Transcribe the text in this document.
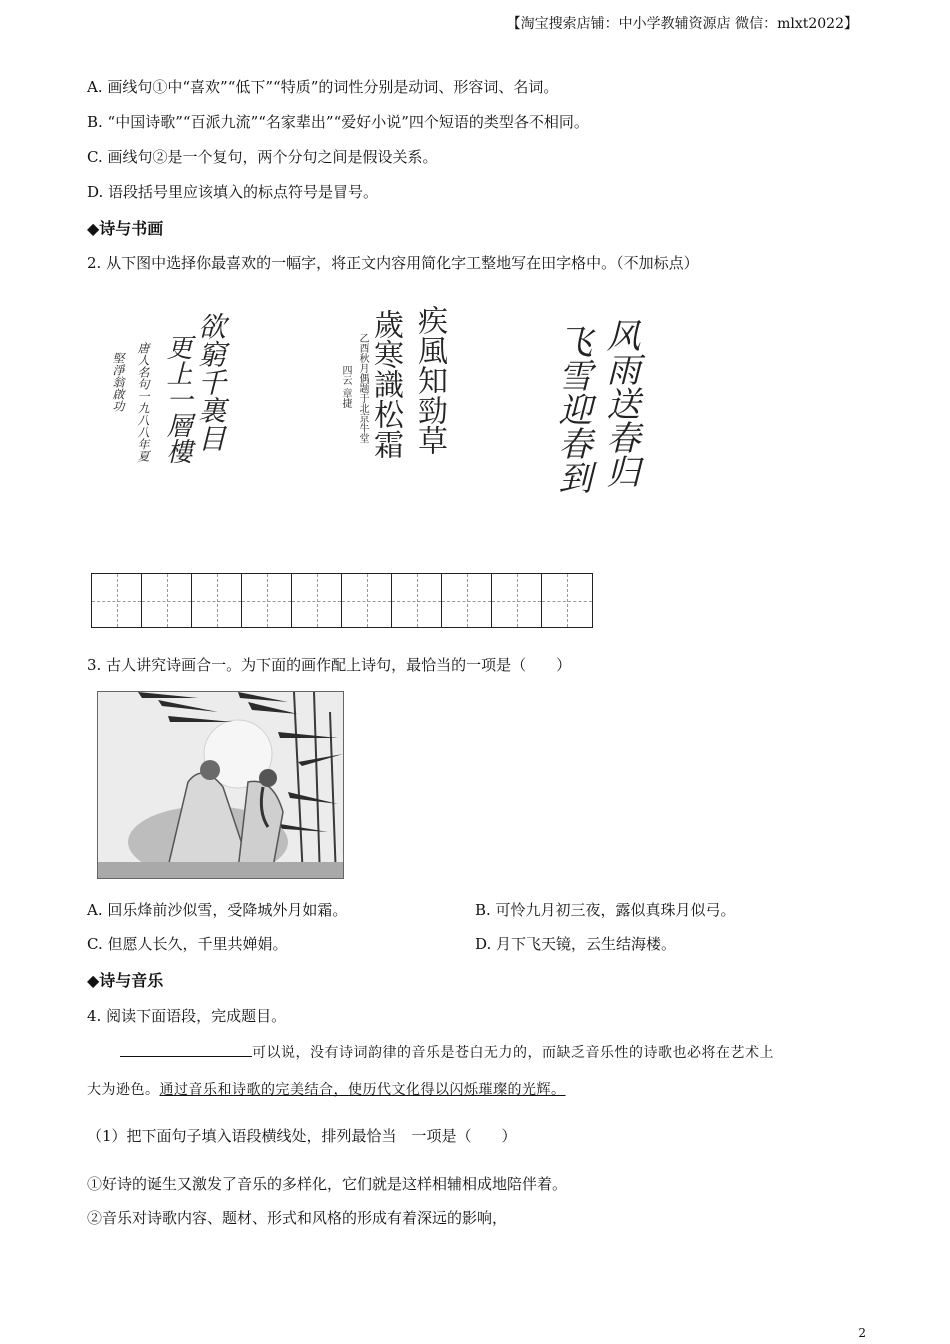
【淘宝搜索店铺：中小学教辅资源店 微信：mlxt2022】
A. 画线句①中“喜欢”“低下”“特质”的词性分别是动词、形容词、名词。
B. “中国诗歌”“百派九流”“名家辈出”“爱好小说”四个短语的类型各不相同。
C. 画线句②是一个复句，两个分句之间是假设关系。
D. 语段括号里应该填入的标点符号是冒号。
◆诗与书画
2. 从下图中选择你最喜欢的一幅字，将正文内容用简化字工整地写在田字格中。（不加标点）
欲窮千裏目
更上一層樓
唐人名句一九八八年夏
堅淨翁啟功	疾風知勁草
歲寒識松霜
乙酉秋月偶题于北京牛堂
四云 章捷	风雨送春归
飞雪迎春到
3. 古人讲究诗画合一。为下面的画作配上诗句，最恰当的一项是（　　）
A. 回乐烽前沙似雪，受降城外月如霜。	B. 可怜九月初三夜，露似真珠月似弓。
C. 但愿人长久，千里共婵娟。	D. 月下飞天镜，云生结海楼。
◆诗与音乐
4. 阅读下面语段，完成题目。
可以说，没有诗词韵律的音乐是苍白无力的，而缺乏音乐性的诗歌也必将在艺术上
大为逊色。通过音乐和诗歌的完美结合，使历代文化得以闪烁璀璨的光辉。
（1）把下面句子填入语段横线处，排列最恰当　一项是（　　）
①好诗的诞生又激发了音乐的多样化，它们就是这样相辅相成地陪伴着。
②音乐对诗歌内容、题材、形式和风格的形成有着深远的影响，
2
